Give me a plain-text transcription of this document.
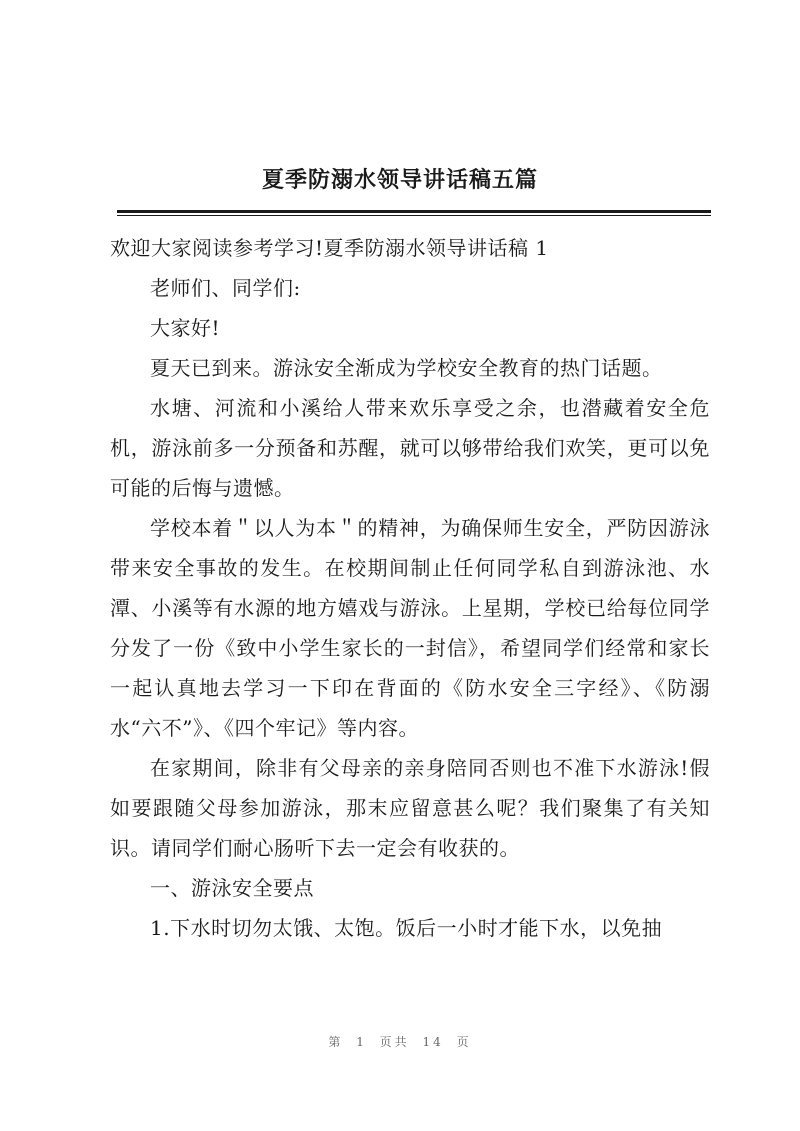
夏季防溺水领导讲话稿五篇

欢迎大家阅读参考学习!夏季防溺水领导讲话稿 1

老师们、同学们:

大家好!

夏天已到来。游泳安全渐成为学校安全教育的热门话题。

水塘、河流和小溪给人带来欢乐享受之余，也潜藏着安全危机，游泳前多一分预备和苏醒，就可以够带给我们欢笑，更可以免可能的后悔与遗憾。

学校本着＂以人为本＂的精神，为确保师生安全，严防因游泳带来安全事故的发生。在校期间制止任何同学私自到游泳池、水潭、小溪等有水源的地方嬉戏与游泳。上星期，学校已给每位同学分发了一份《致中小学生家长的一封信》，希望同学们经常和家长一起认真地去学习一下印在背面的《防水安全三字经》、《防溺水“六不”》、《四个牢记》等内容。

在家期间，除非有父母亲的亲身陪同否则也不准下水游泳!假如要跟随父母参加游泳，那末应留意甚么呢？我们聚集了有关知识。请同学们耐心肠听下去一定会有收获的。

一、游泳安全要点

1.下水时切勿太饿、太饱。饭后一小时才能下水，以免抽

第 1 页共 14 页
